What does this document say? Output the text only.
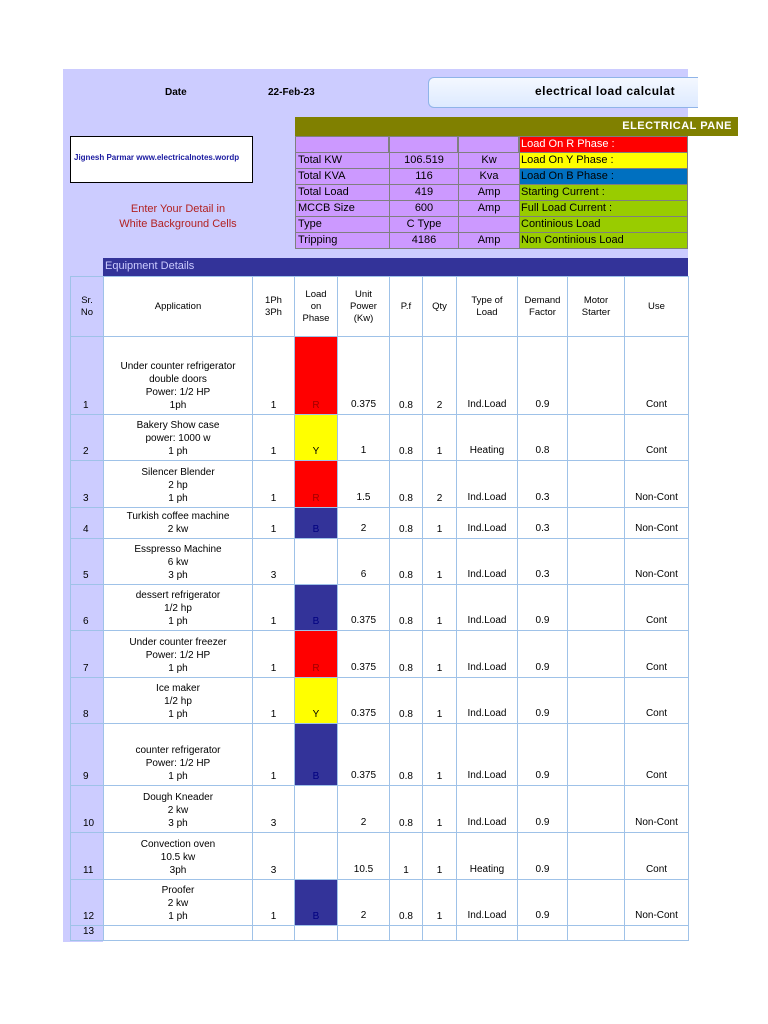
Date	22-Feb-23	electrical load calculat
ELECTRICAL PANE
Jignesh Parmar www.electricalnotes.wordp
Enter Your Detail in
White Background Cells
Total KW	106.519	Kw
Total KVA	116	Kva
Total Load	419	Amp
MCCB Size	600	Amp
Type	C Type
Tripping	4186	Amp
Load On R Phase :
Load On Y Phase :
Load On B Phase :
Starting Current :
Full Load Current :
Continious Load
Non Continious Load
Equipment Details
Sr.
No	Application	1Ph
3Ph	Load
on
Phase	Unit
Power
(Kw)	P.f	Qty	Type of
Load	Demand
Factor	Motor
Starter	Use
1	Under counter refrigerator
double doors
Power: 1/2 HP
1ph	1	R	0.375	0.8	2	Ind.Load	0.9		Cont
2	Bakery Show case
power: 1000 w
1 ph	1	Y	1	0.8	1	Heating	0.8		Cont
3	Silencer Blender
2 hp
1 ph	1	R	1.5	0.8	2	Ind.Load	0.3		Non-Cont
4	Turkish coffee machine
2 kw	1	B	2	0.8	1	Ind.Load	0.3		Non-Cont
5	Esspresso Machine
6 kw
3 ph	3		6	0.8	1	Ind.Load	0.3		Non-Cont
6	dessert refrigerator
1/2 hp
1 ph	1	B	0.375	0.8	1	Ind.Load	0.9		Cont
7	Under counter freezer
Power: 1/2 HP
1 ph	1	R	0.375	0.8	1	Ind.Load	0.9		Cont
8	Ice maker
1/2 hp
1 ph	1	Y	0.375	0.8	1	Ind.Load	0.9		Cont
9	counter refrigerator
Power: 1/2 HP
1 ph	1	B	0.375	0.8	1	Ind.Load	0.9		Cont
10	Dough Kneader
2 kw
3 ph	3		2	0.8	1	Ind.Load	0.9		Non-Cont
11	Convection oven
10.5 kw
3ph	3		10.5	1	1	Heating	0.9		Cont
12	Proofer
2 kw
1 ph	1	B	2	0.8	1	Ind.Load	0.9		Non-Cont
13										
